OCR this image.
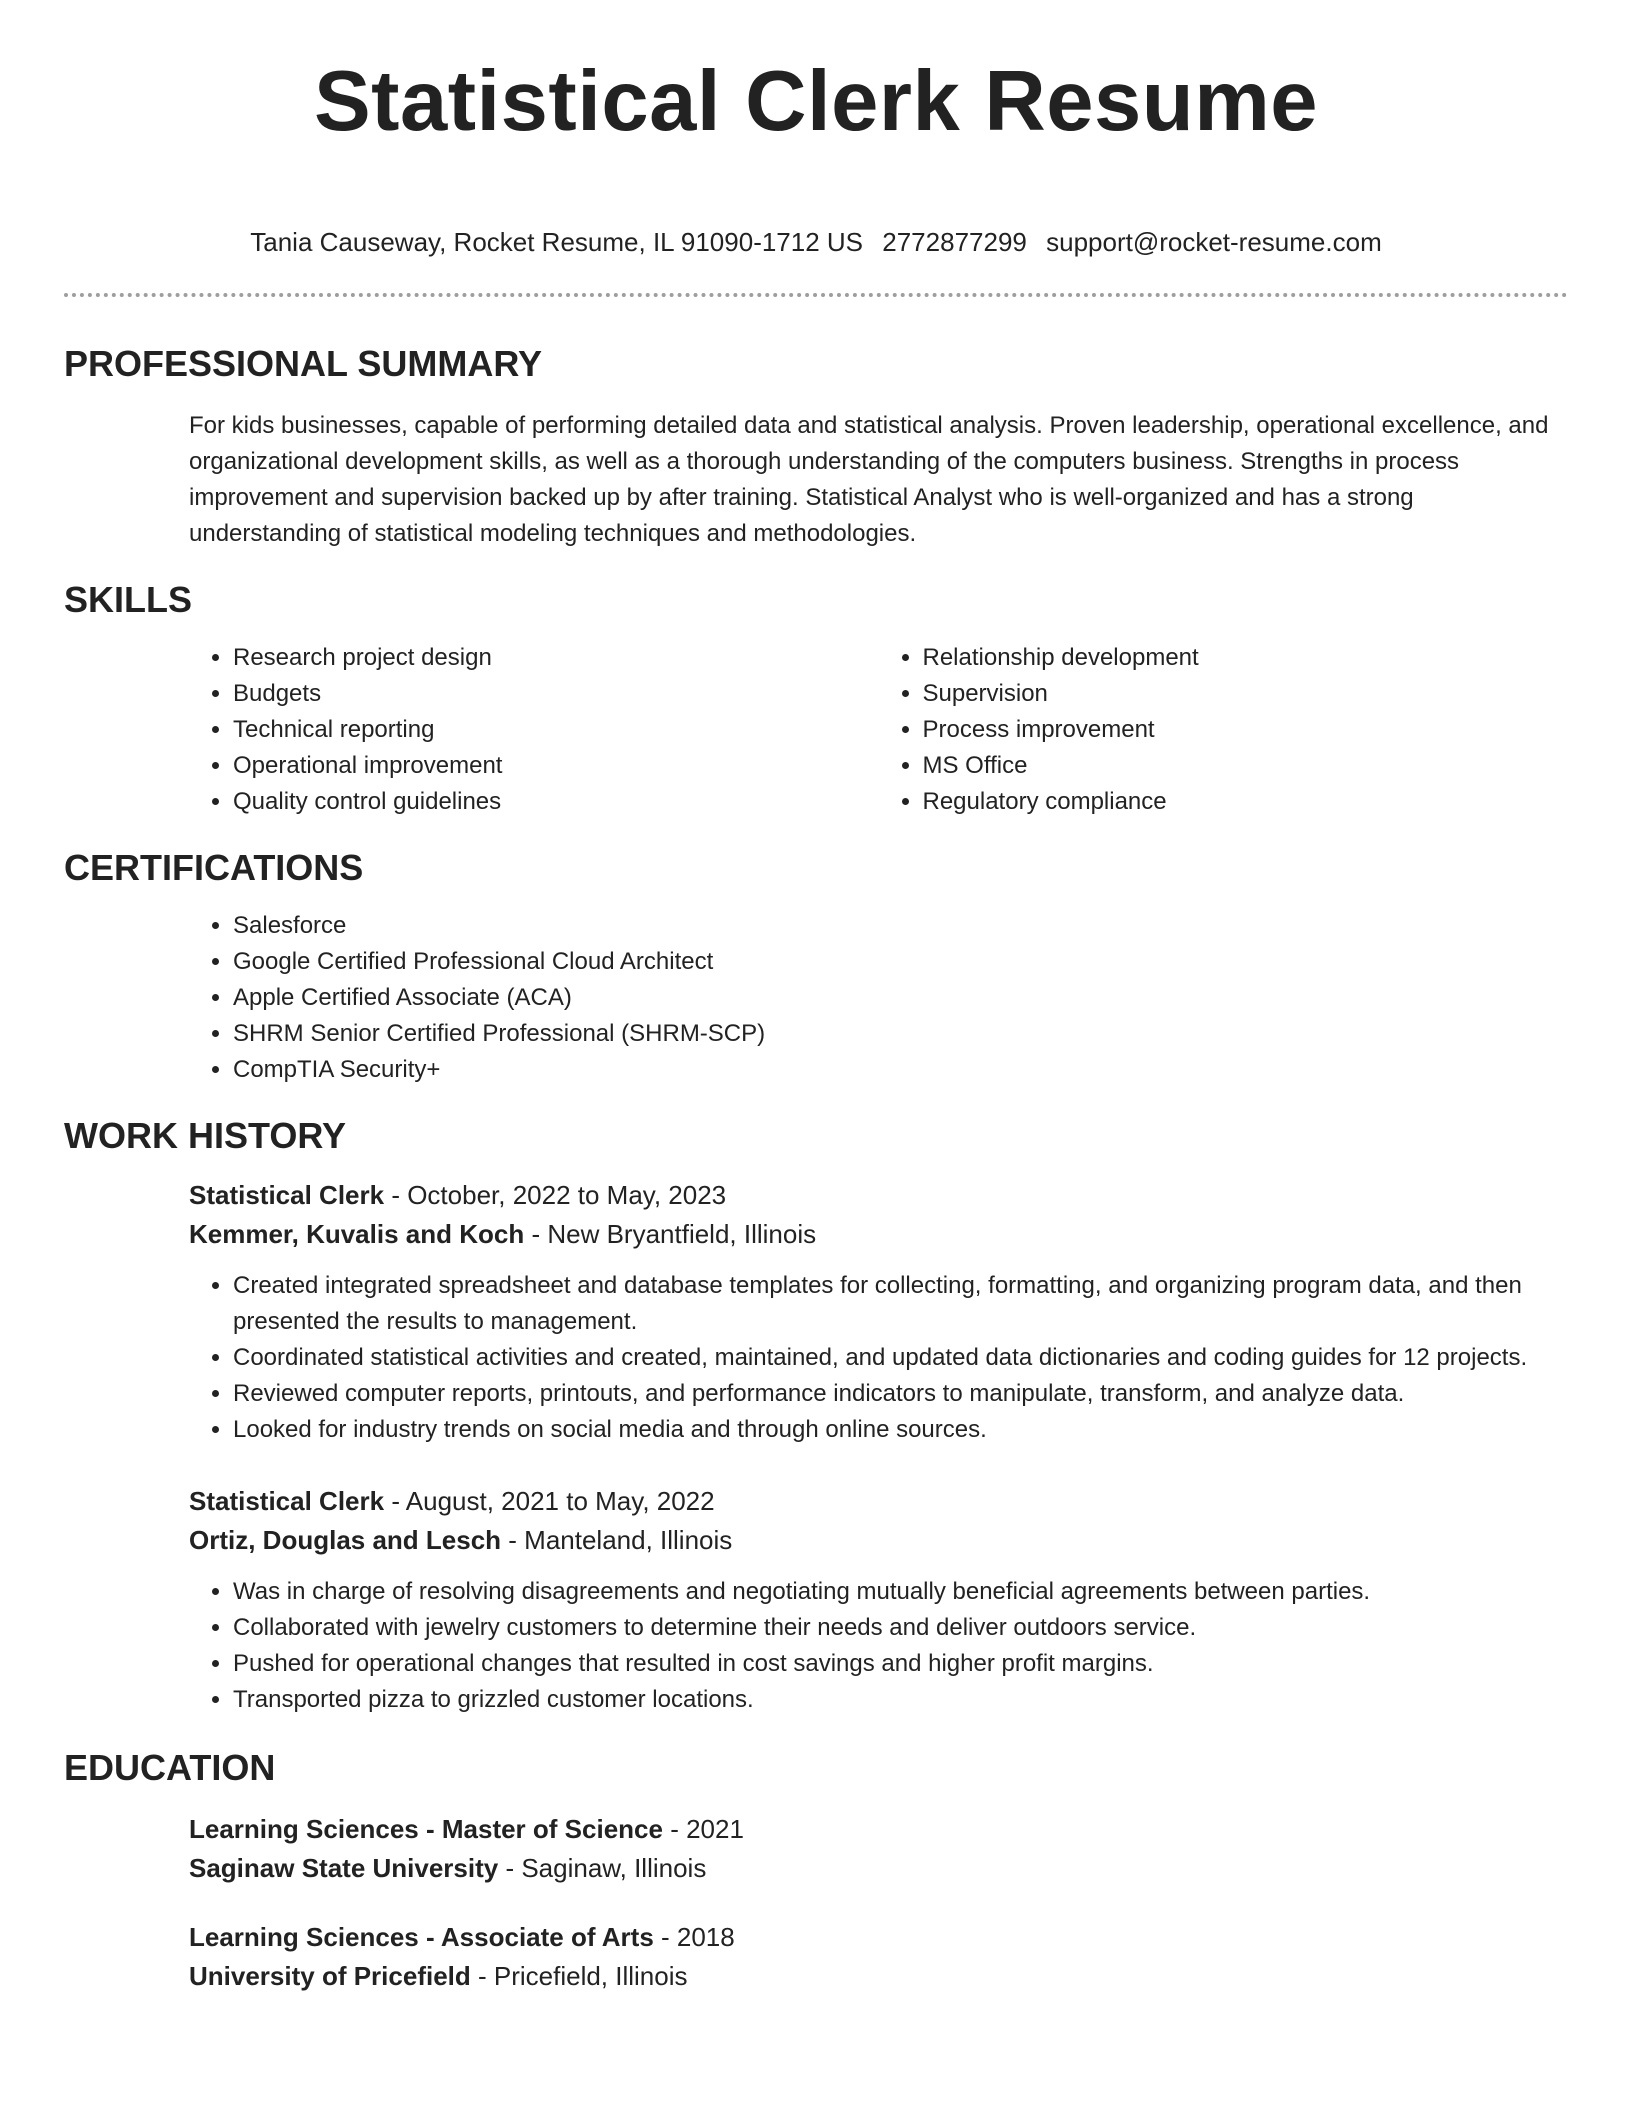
Statistical Clerk Resume
Tania Causeway, Rocket Resume, IL 91090-1712 US 2772877299 support@rocket-resume.com
PROFESSIONAL SUMMARY

For kids businesses, capable of performing detailed data and statistical analysis. Proven leadership, operational excellence, and organizational development skills, as well as a thorough understanding of the computers business. Strengths in process improvement and supervision backed up by after training. Statistical Analyst who is well-organized and has a strong understanding of statistical modeling techniques and methodologies.

SKILLS
• Research project design
• Budgets
• Technical reporting
• Operational improvement
• Quality control guidelines
• Relationship development
• Supervision
• Process improvement
• MS Office
• Regulatory compliance
CERTIFICATIONS
• Salesforce
• Google Certified Professional Cloud Architect
• Apple Certified Associate (ACA)
• SHRM Senior Certified Professional (SHRM-SCP)
• CompTIA Security+
WORK HISTORY
Statistical Clerk - October, 2022 to May, 2023
Kemmer, Kuvalis and Koch - New Bryantfield, Illinois
• Created integrated spreadsheet and database templates for collecting, formatting, and organizing program data, and then presented the results to management.
• Coordinated statistical activities and created, maintained, and updated data dictionaries and coding guides for 12 projects.
• Reviewed computer reports, printouts, and performance indicators to manipulate, transform, and analyze data.
• Looked for industry trends on social media and through online sources.
Statistical Clerk - August, 2021 to May, 2022
Ortiz, Douglas and Lesch - Manteland, Illinois
• Was in charge of resolving disagreements and negotiating mutually beneficial agreements between parties.
• Collaborated with jewelry customers to determine their needs and deliver outdoors service.
• Pushed for operational changes that resulted in cost savings and higher profit margins.
• Transported pizza to grizzled customer locations.
EDUCATION
Learning Sciences - Master of Science - 2021
Saginaw State University - Saginaw, Illinois
Learning Sciences - Associate of Arts - 2018
University of Pricefield - Pricefield, Illinois
